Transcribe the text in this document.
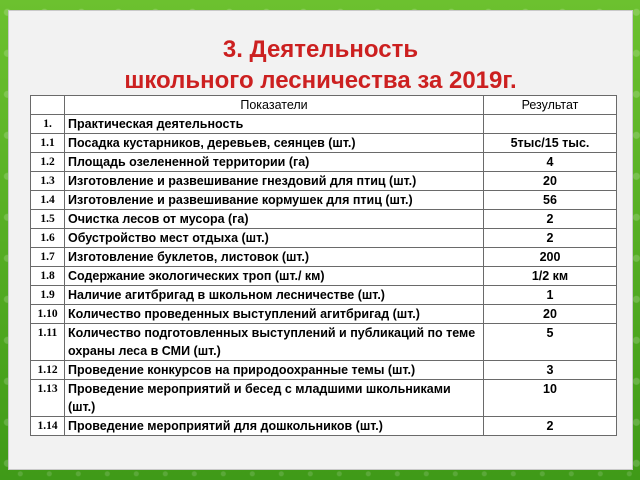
3. Деятельность
школьного лесничества за 2019г.
	Показатели	Результат
1.	Практическая деятельность	
1.1	Посадка кустарников, деревьев, сеянцев (шт.)	5тыс/15 тыс.
1.2	Площадь озелененной территории (га)	4
1.3	Изготовление и развешивание гнездовий для птиц (шт.)	20
1.4	Изготовление и развешивание кормушек для птиц (шт.)	56
1.5	Очистка лесов от мусора (га)	2
1.6	Обустройство мест отдыха (шт.)	2
1.7	Изготовление буклетов, листовок (шт.)	200
1.8	Содержание экологических троп (шт./ км)	1/2 км
1.9	Наличие агитбригад в школьном лесничестве (шт.)	1
1.10	Количество проведенных выступлений агитбригад (шт.)	20
1.11	Количество подготовленных выступлений и публикаций по теме охраны леса в СМИ (шт.)	5
1.12	Проведение конкурсов на природоохранные темы (шт.)	3
1.13	Проведение мероприятий и бесед с младшими школьниками (шт.)	10
1.14	Проведение мероприятий для дошкольников (шт.)	2
